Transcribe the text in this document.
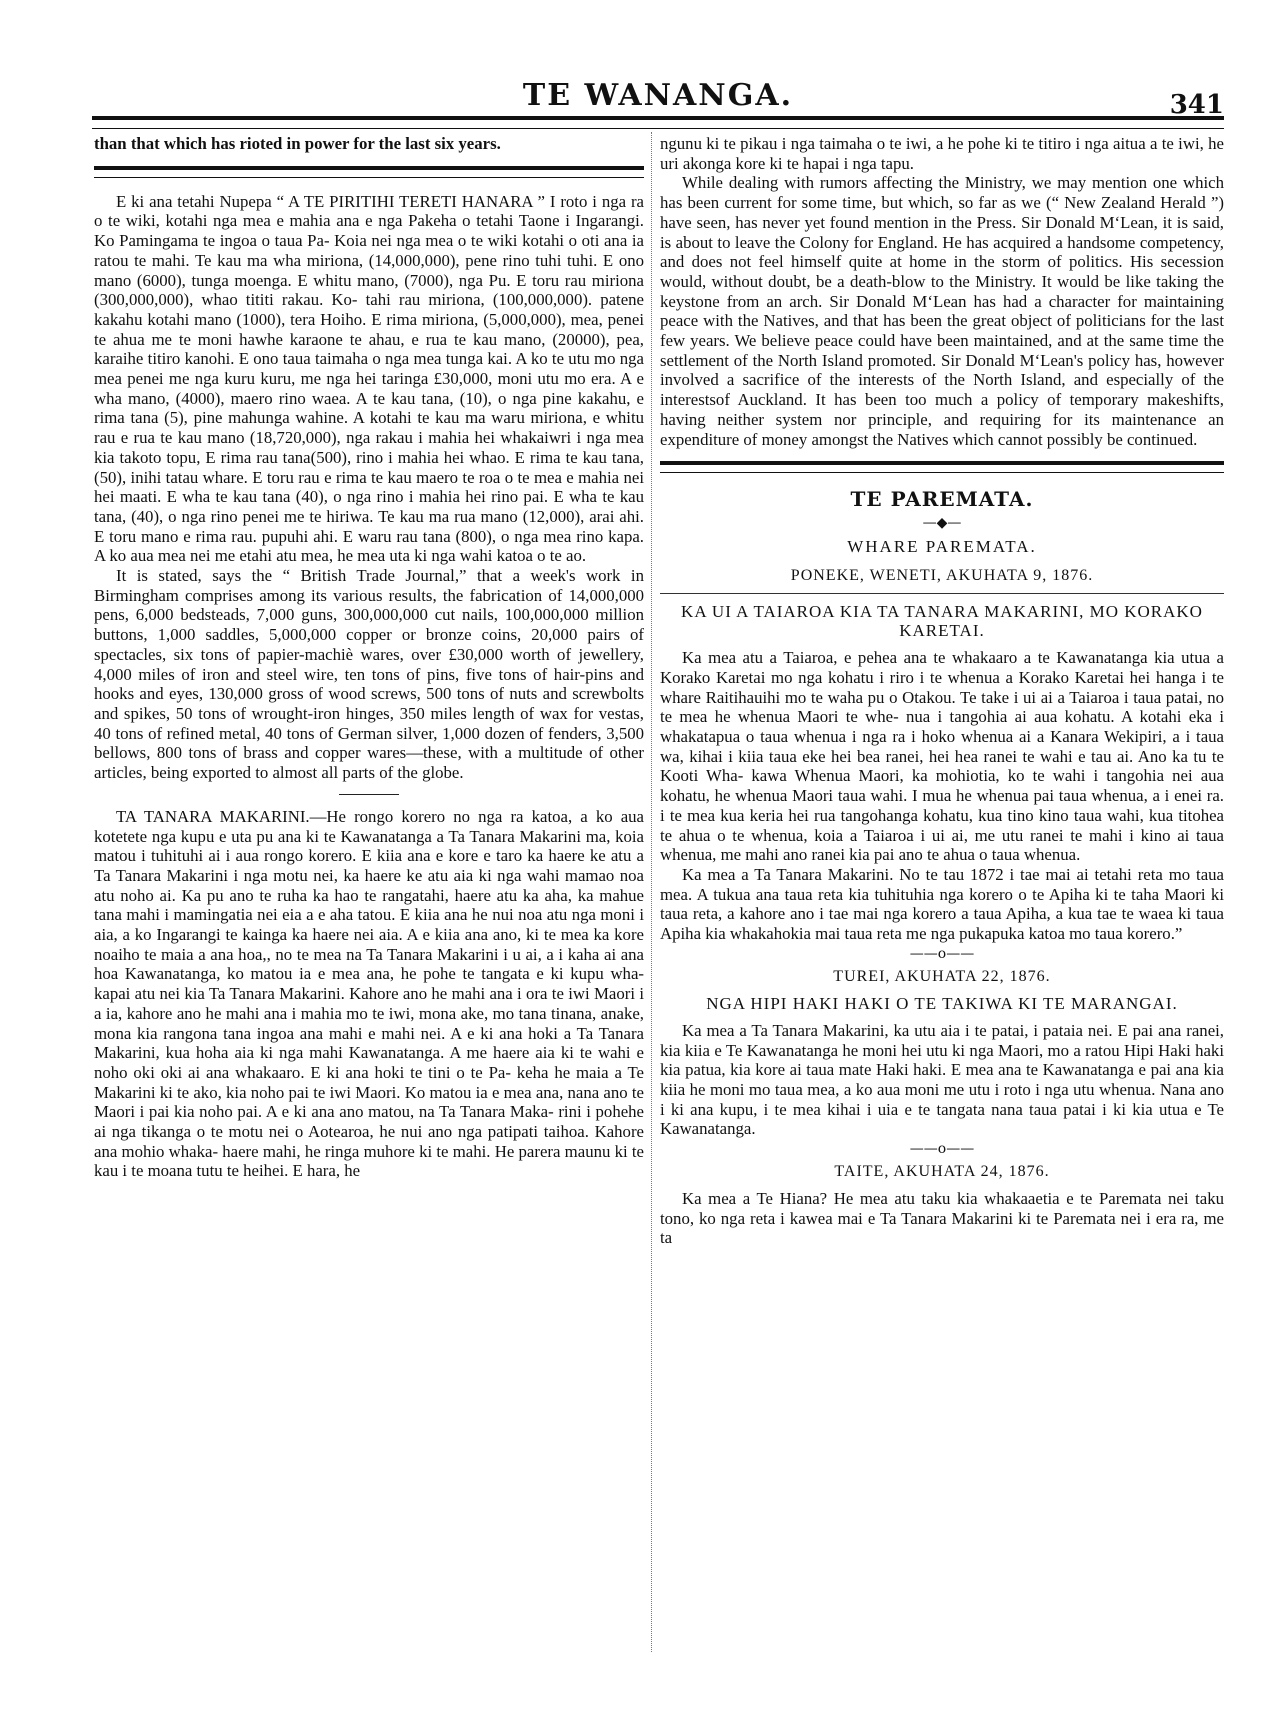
TE WANANGA.	341

than that which has rioted in power for the last six years.

E ki ana tetahi Nupepa “ A TE PIRITIHI TERETI HANARA ” I roto i nga ra o te wiki, kotahi nga mea e mahia ana e nga Pakeha o tetahi Taone i Ingarangi. Ko Pamingama te ingoa o taua Pa- Koia nei nga mea o te wiki kotahi o oti ana ia ratou te mahi. Te kau ma wha miriona, (14,000,000), pene rino tuhi tuhi. E ono mano (6000), tunga moenga. E whitu mano, (7000), nga Pu. E toru rau miriona (300,000,000), whao tititi rakau. Ko- tahi rau miriona, (100,000,000). patene kakahu kotahi mano (1000), tera Hoiho. E rima miriona, (5,000,000), mea, penei te ahua me te moni hawhe karaone te ahau, e rua te kau mano, (20000), pea, karaihe titiro kanohi. E ono taua taimaha o nga mea tunga kai. A ko te utu mo nga mea penei me nga kuru kuru, me nga hei taringa £30,000, moni utu mo era. A e wha mano, (4000), maero rino waea. A te kau tana, (10), o nga pine kakahu, e rima tana (5), pine mahunga wahine. A kotahi te kau ma waru miriona, e whitu rau e rua te kau mano (18,720,000), nga rakau i mahia hei whakaiwri i nga mea kia takoto topu, E rima rau tana(500), rino i mahia hei whao. E rima te kau tana, (50), inihi tatau whare. E toru rau e rima te kau maero te roa o te mea e mahia nei hei maati. E wha te kau tana (40), o nga rino i mahia hei rino pai. E wha te kau tana, (40), o nga rino penei me te hiriwa. Te kau ma rua mano (12,000), arai ahi. E toru mano e rima rau. pupuhi ahi. E waru rau tana (800), o nga mea rino kapa. A ko aua mea nei me etahi atu mea, he mea uta ki nga wahi katoa o te ao.

It is stated, says the “ British Trade Journal,” that a week's work in Birmingham comprises among its various results, the fabrication of 14,000,000 pens, 6,000 bedsteads, 7,000 guns, 300,000,000 cut nails, 100,000,000 million buttons, 1,000 saddles, 5,000,000 copper or bronze coins, 20,000 pairs of spectacles, six tons of papier-machiè wares, over £30,000 worth of jewellery, 4,000 miles of iron and steel wire, ten tons of pins, five tons of hair-pins and hooks and eyes, 130,000 gross of wood screws, 500 tons of nuts and screwbolts and spikes, 50 tons of wrought-iron hinges, 350 miles length of wax for vestas, 40 tons of refined metal, 40 tons of German silver, 1,000 dozen of fenders, 3,500 bellows, 800 tons of brass and copper wares—these, with a multitude of other articles, being exported to almost all parts of the globe.

TA TANARA MAKARINI.—He rongo korero no nga ra katoa, a ko aua kotetete nga kupu e uta pu ana ki te Kawanatanga a Ta Tanara Makarini ma, koia matou i tuhituhi ai i aua rongo korero. E kiia ana e kore e taro ka haere ke atu a Ta Tanara Makarini i nga motu nei, ka haere ke atu aia ki nga wahi mamao noa atu noho ai. Ka pu ano te ruha ka hao te rangatahi, haere atu ka aha, ka mahue tana mahi i mamingatia nei eia a e aha tatou. E kiia ana he nui noa atu nga moni i aia, a ko Ingarangi te kainga ka haere nei aia. A e kiia ana ano, ki te mea ka kore noaiho te maia a ana hoa,, no te mea na Ta Tanara Makarini i u ai, a i kaha ai ana hoa Kawanatanga, ko matou ia e mea ana, he pohe te tangata e ki kupu wha- kapai atu nei kia Ta Tanara Makarini. Kahore ano he mahi ana i ora te iwi Maori i a ia, kahore ano he mahi ana i mahia mo te iwi, mona ake, mo tana tinana, anake, mona kia rangona tana ingoa ana mahi e mahi nei. A e ki ana hoki a Ta Tanara Makarini, kua hoha aia ki nga mahi Kawanatanga. A me haere aia ki te wahi e noho oki oki ai ana whakaaro. E ki ana hoki te tini o te Pa- keha he maia a Te Makarini ki te ako, kia noho pai te iwi Maori. Ko matou ia e mea ana, nana ano te Maori i pai kia noho pai. A e ki ana ano matou, na Ta Tanara Maka- rini i pohehe ai nga tikanga o te motu nei o Aotearoa, he nui ano nga patipati taihoa. Kahore ana mohio whaka- haere mahi, he ringa muhore ki te mahi. He parera maunu ki te kau i te moana tutu te heihei. E hara, he

ngunu ki te pikau i nga taimaha o te iwi, a he pohe ki te titiro i nga aitua a te iwi, he uri akonga kore ki te hapai i nga tapu.

While dealing with rumors affecting the Ministry, we may mention one which has been current for some time, but which, so far as we (“ New Zealand Herald ”) have seen, has never yet found mention in the Press. Sir Donald M‘Lean, it is said, is about to leave the Colony for England. He has acquired a handsome competency, and does not feel himself quite at home in the storm of politics. His secession would, without doubt, be a death-blow to the Ministry. It would be like taking the keystone from an arch. Sir Donald M‘Lean has had a character for maintaining peace with the Natives, and that has been the great object of politicians for the last few years. We believe peace could have been maintained, and at the same time the settlement of the North Island promoted. Sir Donald M‘Lean's policy has, however involved a sacrifice of the interests of the North Island, and especially of the interestsof Auckland. It has been too much a policy of temporary makeshifts, having neither system nor principle, and requiring for its maintenance an expenditure of money amongst the Natives which cannot possibly be continued.

TE PAREMATA.
—◆—
WHARE PAREMATA.
PONEKE, WENETI, AKUHATA 9, 1876.
KA UI A TAIAROA KIA TA TANARA MAKARINI, MO KORAKO KARETAI.

Ka mea atu a Taiaroa, e pehea ana te whakaaro a te Kawanatanga kia utua a Korako Karetai mo nga kohatu i riro i te whenua a Korako Karetai hei hanga i te whare Raitihauihi mo te waha pu o Otakou. Te take i ui ai a Taiaroa i taua patai, no te mea he whenua Maori te whe- nua i tangohia ai aua kohatu. A kotahi eka i whakatapua o taua whenua i nga ra i hoko whenua ai a Kanara Wekipiri, a i taua wa, kihai i kiia taua eke hei bea ranei, hei hea ranei te wahi e tau ai. Ano ka tu te Kooti Wha- kawa Whenua Maori, ka mohiotia, ko te wahi i tangohia nei aua kohatu, he whenua Maori taua wahi. I mua he whenua pai taua whenua, a i enei ra. i te mea kua keria hei rua tangohanga kohatu, kua tino kino taua wahi, kua titohea te ahua o te whenua, koia a Taiaroa i ui ai, me utu ranei te mahi i kino ai taua whenua, me mahi ano ranei kia pai ano te ahua o taua whenua.

Ka mea a Ta Tanara Makarini. No te tau 1872 i tae mai ai tetahi reta mo taua mea. A tukua ana taua reta kia tuhituhia nga korero o te Apiha ki te taha Maori ki taua reta, a kahore ano i tae mai nga korero a taua Apiha, a kua tae te waea ki taua Apiha kia whakahokia mai taua reta me nga pukapuka katoa mo taua korero.”

——o——
TUREI, AKUHATA 22, 1876.
NGA HIPI HAKI HAKI O TE TAKIWA KI TE MARANGAI.

Ka mea a Ta Tanara Makarini, ka utu aia i te patai, i pataia nei. E pai ana ranei, kia kiia e Te Kawanatanga he moni hei utu ki nga Maori, mo a ratou Hipi Haki haki kia patua, kia kore ai taua mate Haki haki. E mea ana te Kawanatanga e pai ana kia kiia he moni mo taua mea, a ko aua moni me utu i roto i nga utu whenua. Nana ano i ki ana kupu, i te mea kihai i uia e te tangata nana taua patai i ki kia utua e Te Kawanatanga.

——o——
TAITE, AKUHATA 24, 1876.

Ka mea a Te Hiana? He mea atu taku kia whakaaetia e te Paremata nei taku tono, ko nga reta i kawea mai e Ta Tanara Makarini ki te Paremata nei i era ra, me ta
